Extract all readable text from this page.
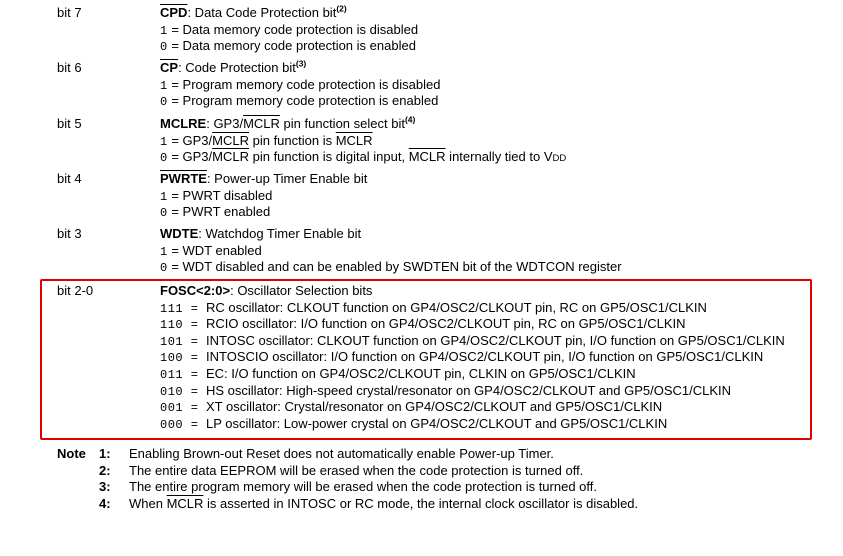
bit 7	$\overline{CPD}$: Data Code Protection bit$^{(2)}$
1 = Data memory code protection is disabled
0 = Data memory code protection is enabled
bit 6	$\overline{CP}$: Code Protection bit$^{(3)}$
1 = Program memory code protection is disabled
0 = Program memory code protection is enabled
bit 5	MCLRE: GP3/MCLR pin function select bit$^{(4)}$
1 = GP3/MCLR pin function is MCLR
0 = GP3/MCLR pin function is digital input, MCLR internally tied to VDD
bit 4	PWRTE: Power-up Timer Enable bit
1 = PWRT disabled
0 = PWRT enabled
bit 3	WDTE: Watchdog Timer Enable bit
1 = WDT enabled
0 = WDT disabled and can be enabled by SWDTEN bit of the WDTCON register
bit 2-0	FOSC<2:0>: Oscillator Selection bits
111 = RC oscillator: CLKOUT function on GP4/OSC2/CLKOUT pin, RC on GP5/OSC1/CLKIN
110 = RCIO oscillator: I/O function on GP4/OSC2/CLKOUT pin, RC on GP5/OSC1/CLKIN
101 = INTOSC oscillator: CLKOUT function on GP4/OSC2/CLKOUT pin, I/O function on GP5/OSC1/CLKIN
100 = INTOSCIO oscillator: I/O function on GP4/OSC2/CLKOUT pin, I/O function on GP5/OSC1/CLKIN
011 = EC: I/O function on GP4/OSC2/CLKOUT pin, CLKIN on GP5/OSC1/CLKIN
010 = HS oscillator: High-speed crystal/resonator on GP4/OSC2/CLKOUT and GP5/OSC1/CLKIN
001 = XT oscillator: Crystal/resonator on GP4/OSC2/CLKOUT and GP5/OSC1/CLKIN
000 = LP oscillator: Low-power crystal on GP4/OSC2/CLKOUT and GP5/OSC1/CLKIN
Note 1: Enabling Brown-out Reset does not automatically enable Power-up Timer.
2: The entire data EEPROM will be erased when the code protection is turned off.
3: The entire program memory will be erased when the code protection is turned off.
4: When MCLR is asserted in INTOSC or RC mode, the internal clock oscillator is disabled.
